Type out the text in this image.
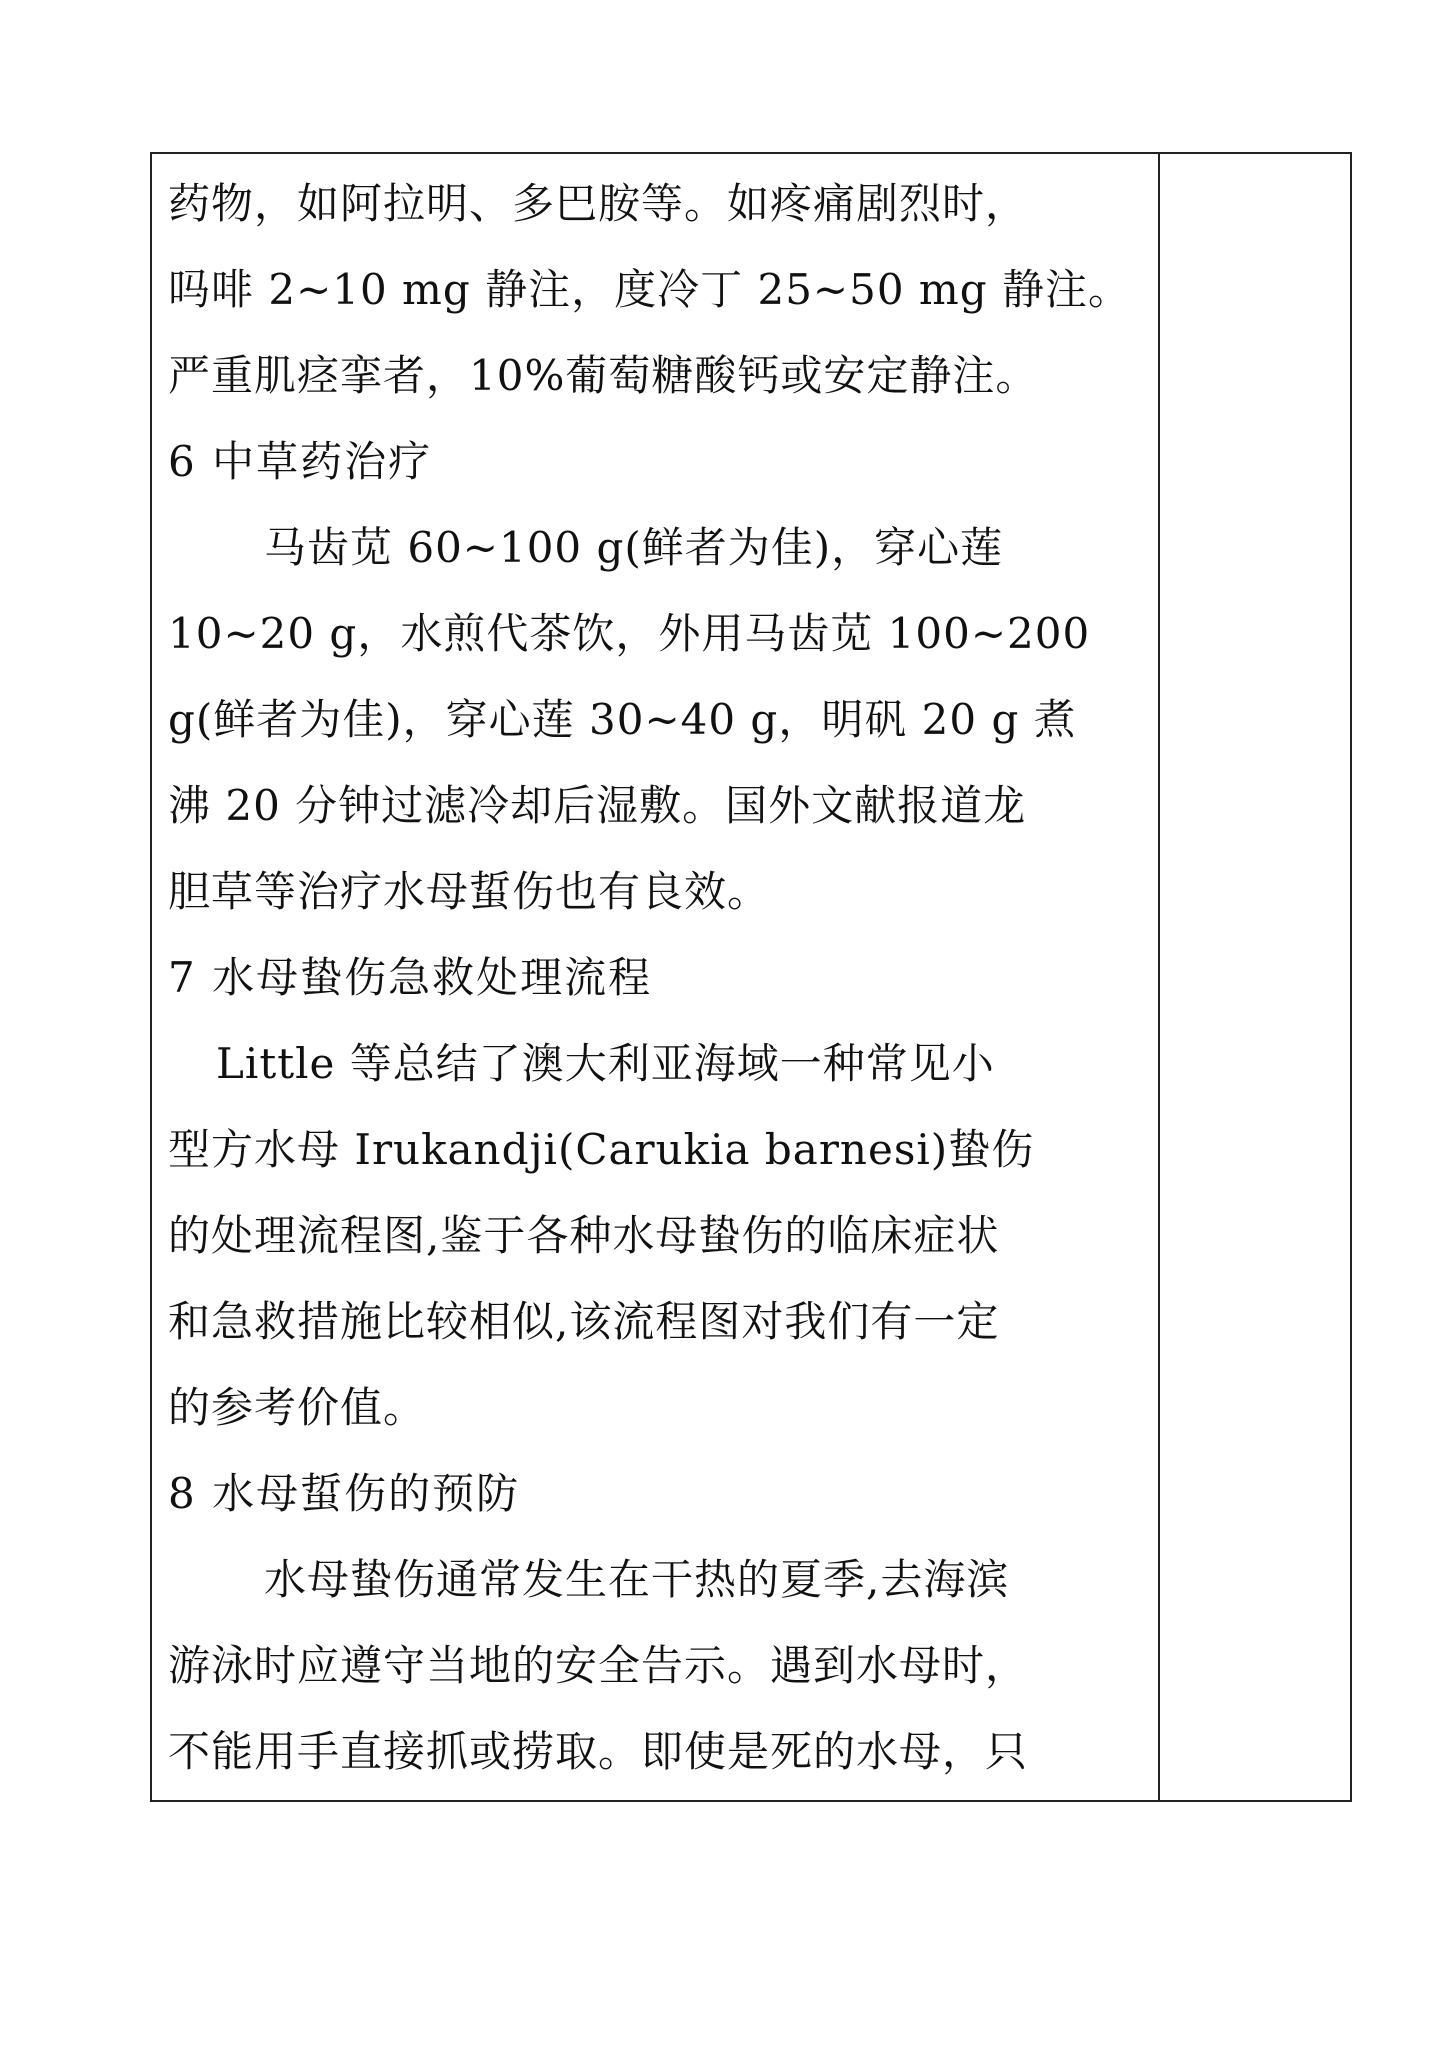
药物，如阿拉明、多巴胺等。如疼痛剧烈时，
吗啡 2~10 mg 静注，度冷丁 25~50 mg 静注。
严重肌痉挛者，10%葡萄糖酸钙或安定静注。
6 中草药治疗
马齿苋 60~100 g(鲜者为佳)，穿心莲
10~20 g，水煎代茶饮，外用马齿苋 100~200
g(鲜者为佳)，穿心莲 30~40 g，明矾 20 g 煮
沸 20 分钟过滤冷却后湿敷。国外文献报道龙
胆草等治疗水母蜇伤也有良效。
7 水母蛰伤急救处理流程
Little 等总结了澳大利亚海域一种常见小
型方水母 Irukandji(Carukia barnesi)蛰伤
的处理流程图,鉴于各种水母蛰伤的临床症状
和急救措施比较相似,该流程图对我们有一定
的参考价值。
8 水母蜇伤的预防
水母蛰伤通常发生在干热的夏季,去海滨
游泳时应遵守当地的安全告示。遇到水母时，
不能用手直接抓或捞取。即使是死的水母，只
